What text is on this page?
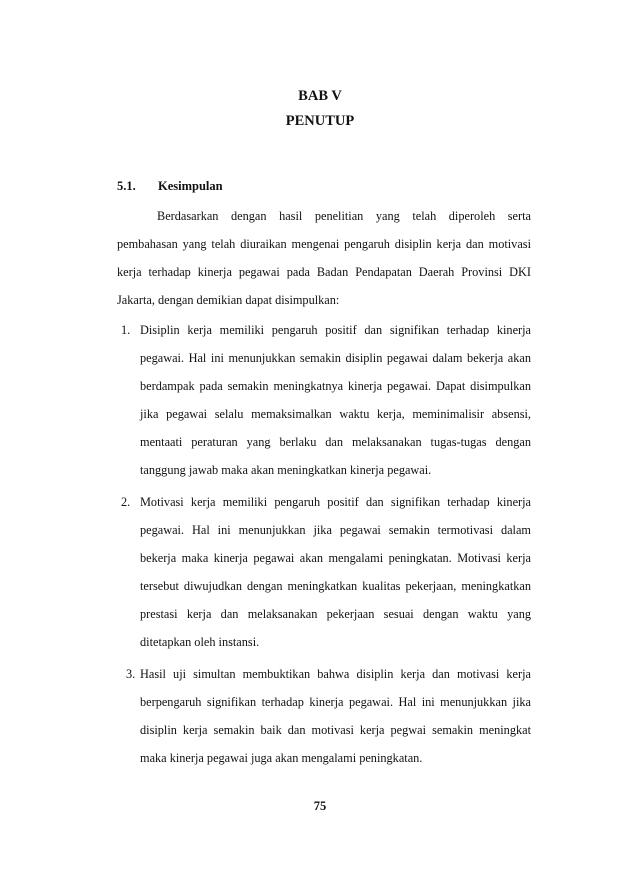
BAB V
PENUTUP
5.1. Kesimpulan
Berdasarkan dengan hasil penelitian yang telah diperoleh serta
pembahasan yang telah diuraikan mengenai pengaruh disiplin kerja dan motivasi
kerja terhadap kinerja pegawai pada Badan Pendapatan Daerah Provinsi DKI
Jakarta, dengan demikian dapat disimpulkan:
1. Disiplin kerja memiliki pengaruh positif dan signifikan terhadap kinerja
pegawai. Hal ini menunjukkan semakin disiplin pegawai dalam bekerja akan
berdampak pada semakin meningkatnya kinerja pegawai. Dapat disimpulkan
jika pegawai selalu memaksimalkan waktu kerja, meminimalisir absensi,
mentaati peraturan yang berlaku dan melaksanakan tugas-tugas dengan
tanggung jawab maka akan meningkatkan kinerja pegawai.
2. Motivasi kerja memiliki pengaruh positif dan signifikan terhadap kinerja
pegawai. Hal ini menunjukkan jika pegawai semakin termotivasi dalam
bekerja maka kinerja pegawai akan mengalami peningkatan. Motivasi kerja
tersebut diwujudkan dengan meningkatkan kualitas pekerjaan, meningkatkan
prestasi kerja dan melaksanakan pekerjaan sesuai dengan waktu yang
ditetapkan oleh instansi.
3. Hasil uji simultan membuktikan bahwa disiplin kerja dan motivasi kerja
berpengaruh signifikan terhadap kinerja pegawai. Hal ini menunjukkan jika
disiplin kerja semakin baik dan motivasi kerja pegwai semakin meningkat
maka kinerja pegawai juga akan mengalami peningkatan.
75
